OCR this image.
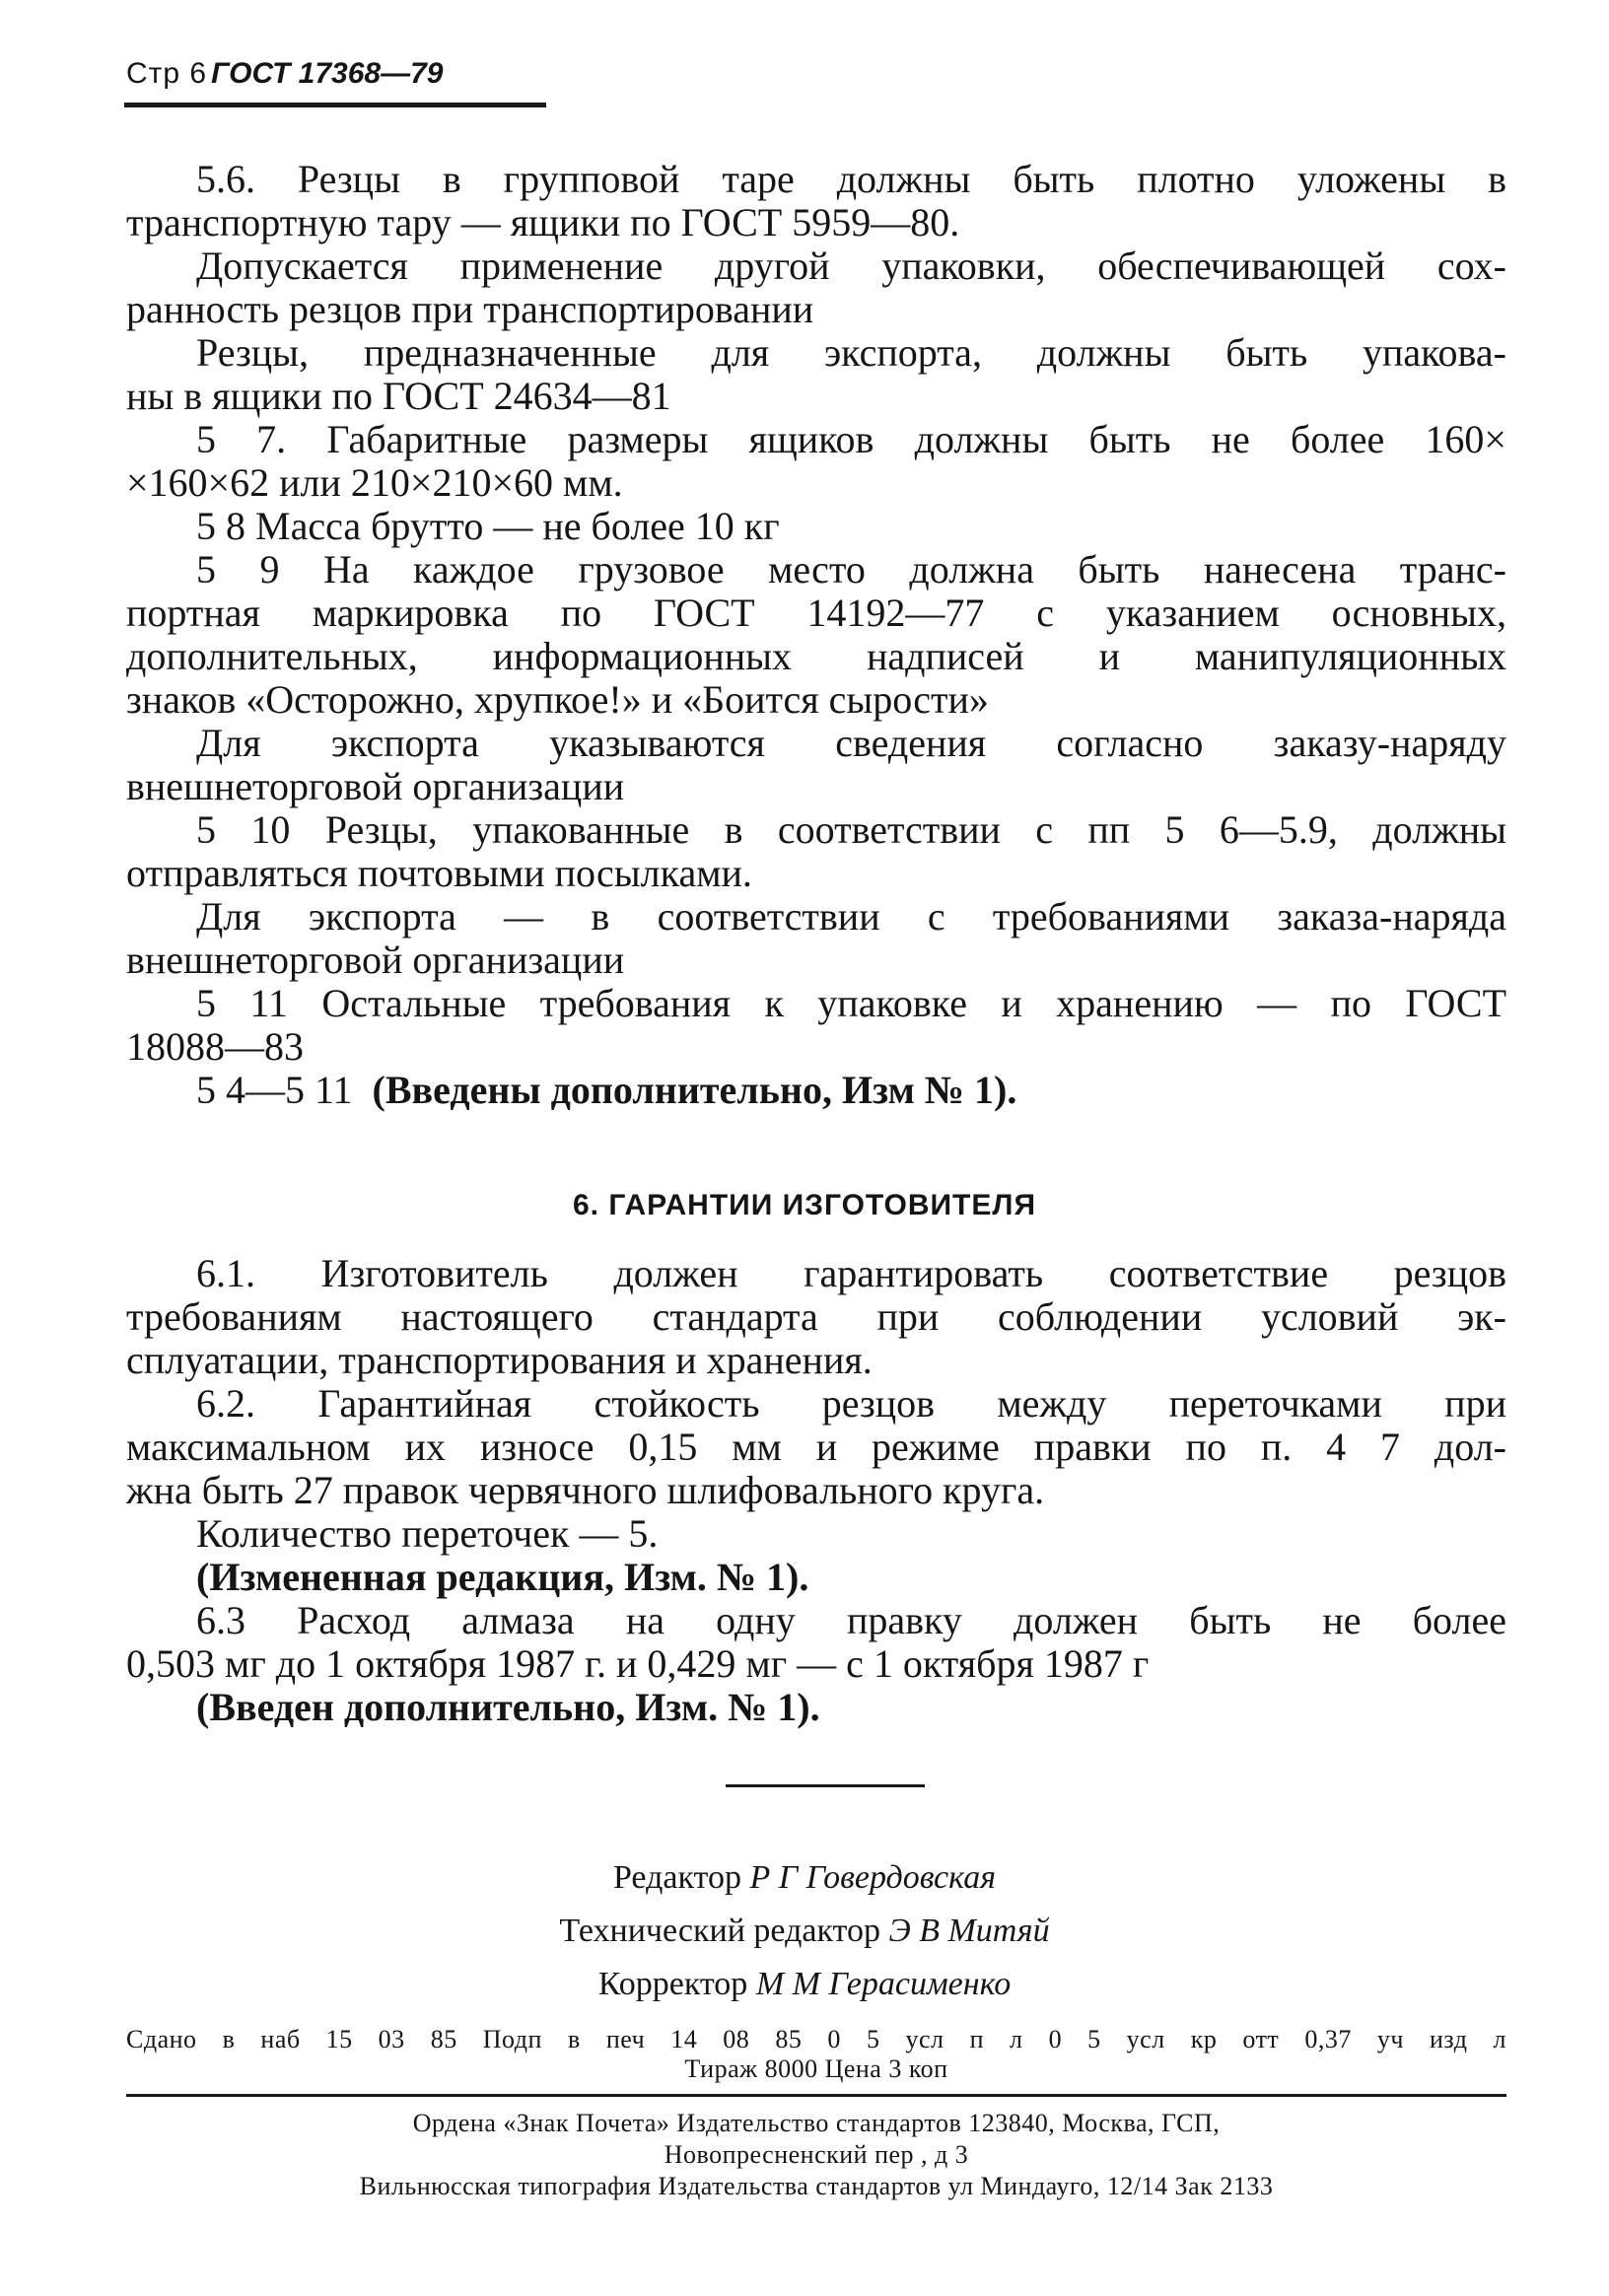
Стр 6 ГОСТ 17368—79
5.6. Резцы в групповой таре должны быть плотно уложены в
транспортную тару — ящики по ГОСТ 5959—80.
Допускается применение другой упаковки, обеспечивающей сох-
ранность резцов при транспортировании
Резцы, предназначенные для экспорта, должны быть упакова-
ны в ящики по ГОСТ 24634—81
5 7. Габаритные размеры ящиков должны быть не более 160×
×160×62 или 210×210×60 мм.
5 8 Масса брутто — не более 10 кг
5 9 На каждое грузовое место должна быть нанесена транс-
портная маркировка по ГОСТ 14192—77 с указанием основных,
дополнительных, информационных надписей и манипуляционных
знаков «Осторожно, хрупкое!» и «Боится сырости»
Для экспорта указываются сведения согласно заказу-наряду
внешнеторговой организации
5 10 Резцы, упакованные в соответствии с пп 5 6—5.9, должны
отправляться почтовыми посылками.
Для экспорта — в соответствии с требованиями заказа-наряда
внешнеторговой организации
5 11 Остальные требования к упаковке и хранению — по ГОСТ
18088—83
5 4—5 11 (Введены дополнительно, Изм № 1).
6. ГАРАНТИИ ИЗГОТОВИТЕЛЯ
6.1. Изготовитель должен гарантировать соответствие резцов
требованиям настоящего стандарта при соблюдении условий эк-
сплуатации, транспортирования и хранения.
6.2. Гарантийная стойкость резцов между переточками при
максимальном их износе 0,15 мм и режиме правки по п. 4 7 дол-
жна быть 27 правок червячного шлифовального круга.
Количество переточек — 5.
(Измененная редакция, Изм. № 1).
6.3 Расход алмаза на одну правку должен быть не более
0,503 мг до 1 октября 1987 г. и 0,429 мг — с 1 октября 1987 г
(Введен дополнительно, Изм. № 1).
Редактор Р Г Говердовская
Технический редактор Э В Митяй
Корректор М М Герасименко
Сдано в наб 15 03 85 Подп в печ 14 08 85 0 5 усл п л 0 5 усл кр отт 0,37 уч изд л
Тираж 8000 Цена 3 коп
Ордена «Знак Почета» Издательство стандартов 123840, Москва, ГСП,
Новопресненский пер , д 3
Вильнюсская типография Издательства стандартов ул Миндауго, 12/14 Зак 2133
